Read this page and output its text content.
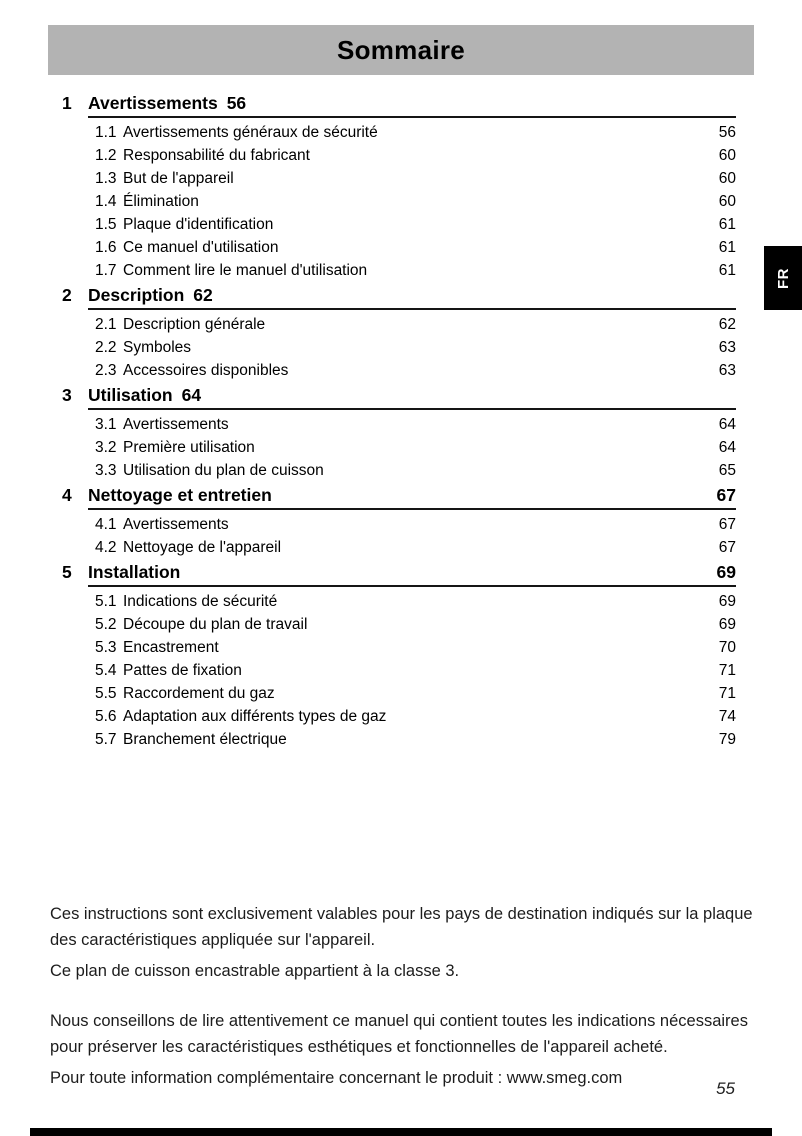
Sommaire
FR
1 Avertissements 56
1.1 Avertissements généraux de sécurité	56
1.2 Responsabilité du fabricant	60
1.3 But de l'appareil	60
1.4 Élimination	60
1.5 Plaque d'identification	61
1.6 Ce manuel d'utilisation	61
1.7 Comment lire le manuel d'utilisation	61
2 Description 62
2.1 Description générale	62
2.2 Symboles	63
2.3 Accessoires disponibles	63
3 Utilisation 64
3.1 Avertissements	64
3.2 Première utilisation	64
3.3 Utilisation du plan de cuisson	65
4 Nettoyage et entretien	67
4.1 Avertissements	67
4.2 Nettoyage de l'appareil	67
5 Installation	69
5.1 Indications de sécurité	69
5.2 Découpe du plan de travail	69
5.3 Encastrement	70
5.4 Pattes de fixation	71
5.5 Raccordement du gaz	71
5.6 Adaptation aux différents types de gaz	74
5.7 Branchement électrique	79

Ces instructions sont exclusivement valables pour les pays de destination indiqués sur la plaque des caractéristiques appliquée sur l'appareil.

Ce plan de cuisson encastrable appartient à la classe 3.

Nous conseillons de lire attentivement ce manuel qui contient toutes les indications nécessaires pour préserver les caractéristiques esthétiques et fonctionnelles de l'appareil acheté.

Pour toute information complémentaire concernant le produit : www.smeg.com

55
